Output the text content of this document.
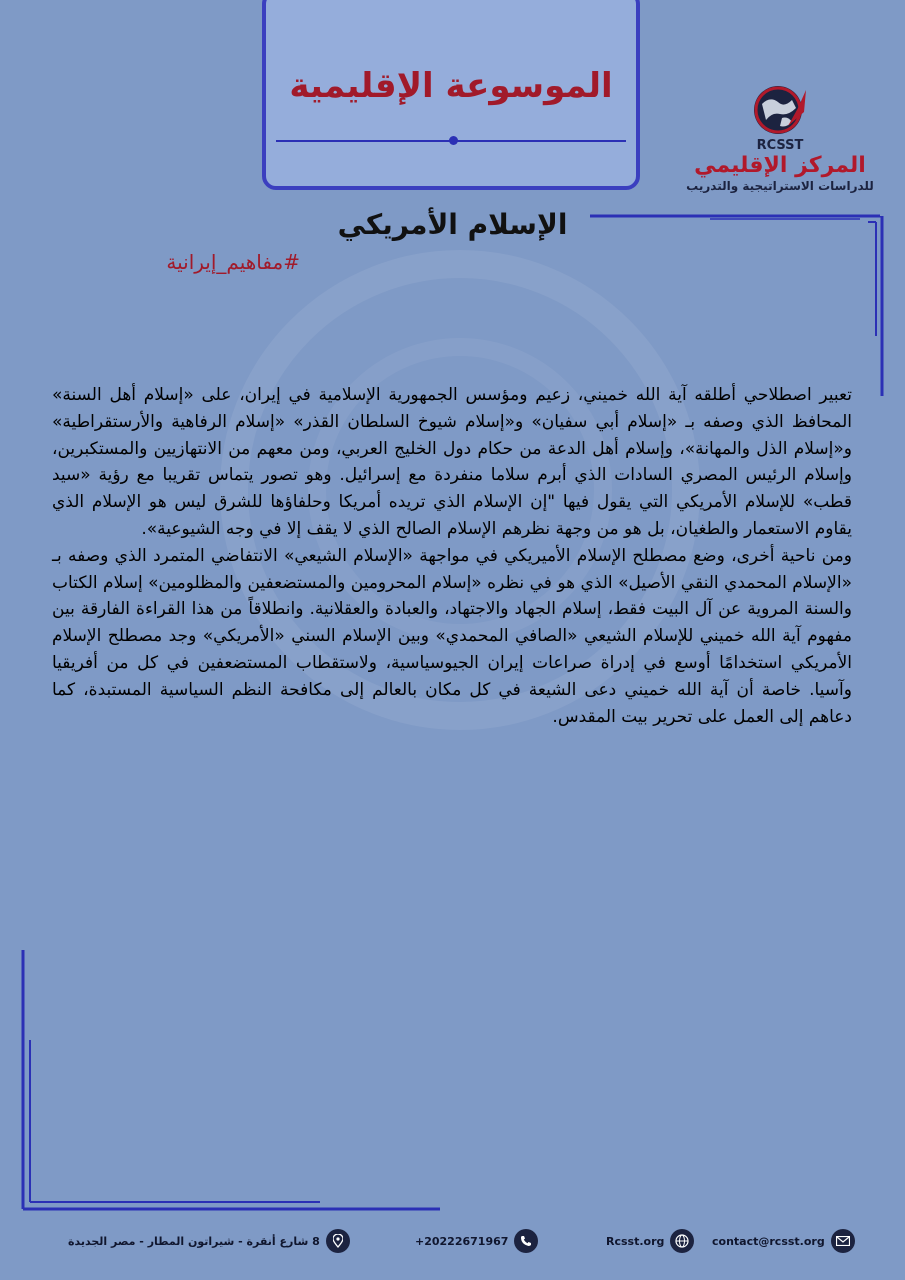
الموسوعة الإقليمية
RCSST
المركز الإقليمي
للدراسات الاستراتيجية والتدريب
الإسلام الأمريكي
#مفاهيم_إيرانية

تعبير اصطلاحي أطلقه آية الله خميني، زعيم ومؤسس الجمهورية الإسلامية في إيران، على «إسلام أهل السنة» المحافظ الذي وصفه بـ «إسلام أبي سفيان» و«إسلام شيوخ السلطان القذر» «إسلام الرفاهية والأرستقراطية» و«إسلام الذل والمهانة»، وإسلام أهل الدعة من حكام دول الخليج العربي، ومن معهم من الانتهازيين والمستكبرين، وإسلام الرئيس المصري السادات الذي أبرم سلاما منفردة مع إسرائيل. وهو تصور يتماس تقريبا مع رؤية «سيد قطب» للإسلام الأمريكي التي يقول فيها "إن الإسلام الذي تريده أمريكا وحلفاؤها للشرق ليس هو الإسلام الذي يقاوم الاستعمار والطغيان، بل هو من وجهة نظرهم الإسلام الصالح الذي لا يقف إلا في وجه الشيوعية».

ومن ناحية أخرى، وضع مصطلح الإسلام الأميريكي في مواجهة «الإسلام الشيعي» الانتفاضي المتمرد الذي وصفه بـ «الإسلام المحمدي النقي الأصيل» الذي هو في نظره «إسلام المحرومين والمستضعفين والمظلومين» إسلام الكتاب والسنة المروية عن آل البيت فقط، إسلام الجهاد والاجتهاد، والعبادة والعقلانية. وانطلاقاً من هذا القراءة الفارقة بين مفهوم آية الله خميني للإسلام الشيعي «الصافي المحمدي» وبين الإسلام السني «الأمريكي» وجد مصطلح الإسلام الأمريكي استخدامًا أوسع في إدراة صراعات إيران الجيوسياسية، ولاستقطاب المستضعفين في كل من أفريقيا وآسيا. خاصة أن آية الله خميني دعى الشيعة في كل مكان بالعالم إلى مكافحة النظم السياسية المستبدة، كما دعاهم إلى العمل على تحرير بيت المقدس.

contact@rcsst.org
Rcsst.org
+20222671967
8 شارع أنقرة - شيراتون المطار - مصر الجديدة
